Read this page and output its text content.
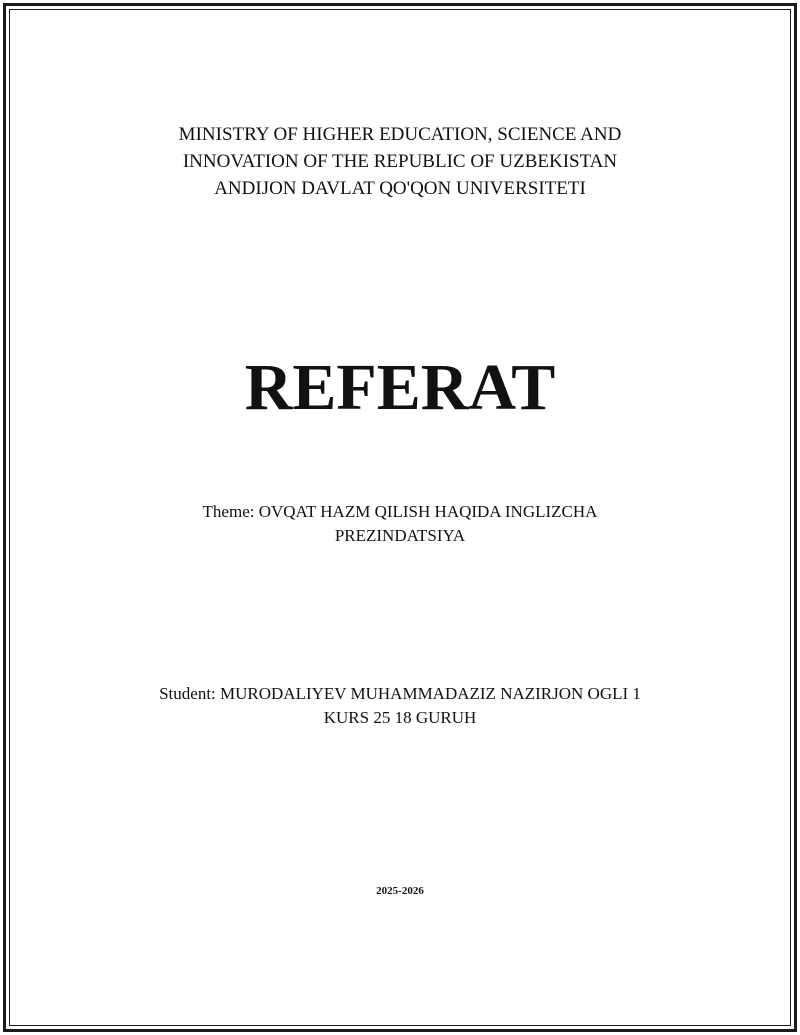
MINISTRY OF HIGHER EDUCATION, SCIENCE AND
INNOVATION OF THE REPUBLIC OF UZBEKISTAN
ANDIJON DAVLAT QO'QON UNIVERSITETI
REFERAT
Theme: OVQAT HAZM QILISH HAQIDA INGLIZCHA PREZINDATSIYA
Student: MURODALIYEV MUHAMMADAZIZ NAZIRJON OGLI 1 KURS 25 18 GURUH
2025-2026
